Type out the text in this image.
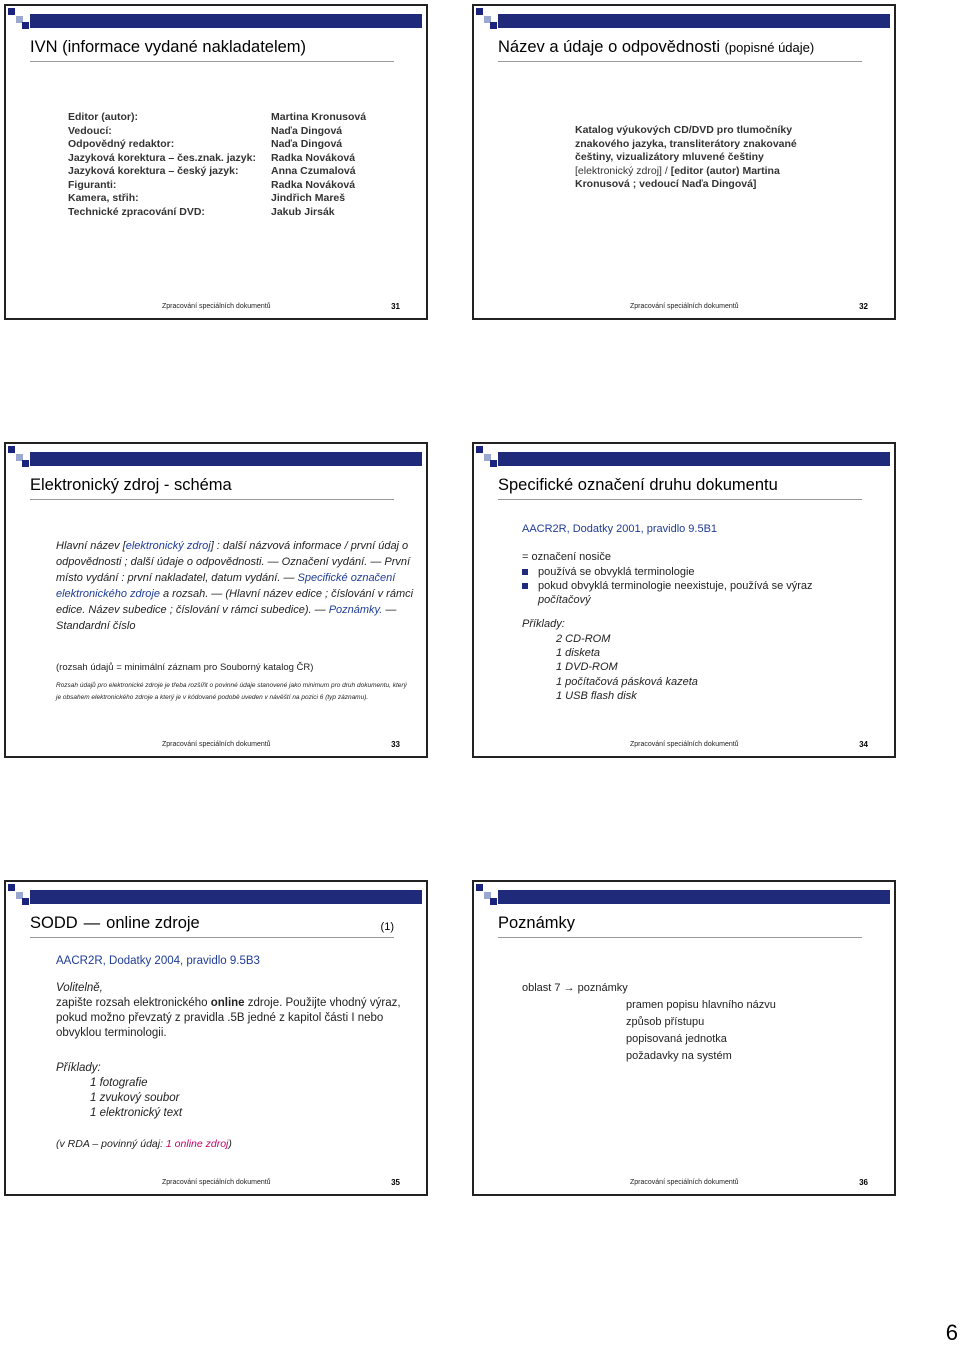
IVN (informace vydané nakladatelem)
Editor (autor):	Martina Kronusová
Vedoucí:	Naďa Dingová
Odpovědný redaktor:	Naďa Dingová
Jazyková korektura – čes.znak. jazyk:	Radka Nováková
Jazyková korektura – český jazyk:	Anna Czumalová
Figuranti:	Radka Nováková
Kamera, střih:	Jindřich Mareš
Technické zpracování DVD:	Jakub Jirsák
Zpracování speciálních dokumentů	31
Název a údaje o odpovědnosti (popisné údaje)
Katalog výukových CD/DVD pro tlumočníky znakového jazyka, transliterátory znakované češtiny, vizualizátory mluvené češtiny [elektronický zdroj] / [editor (autor) Martina Kronusová ; vedoucí Naďa Dingová]
Zpracování speciálních dokumentů	32
Elektronický zdroj - schéma
Hlavní název [elektronický zdroj] : další názvová informace / první údaj o odpovědnosti ; další údaje o odpovědnosti. — Označení vydání. — První místo vydání : první nakladatel, datum vydání. — Specifické označení elektronického zdroje a rozsah. — (Hlavní název edice ; číslování v rámci edice. Název subedice ; číslování v rámci subedice). — Poznámky. — Standardní číslo
(rozsah údajů = minimální záznam pro Souborný katalog ČR)
Rozsah údajů pro elektronické zdroje je třeba rozšířit o povinné údaje stanovené jako minimum pro druh dokumentu, který je obsahem elektronického zdroje a který je v kódované podobě uveden v návěští na pozici 6 (typ záznamu).
Zpracování speciálních dokumentů	33
Specifické označení druhu dokumentu
AACR2R, Dodatky 2001, pravidlo 9.5B1
= označení nosiče
používá se obvyklá terminologie
pokud obvyklá terminologie neexistuje, používá se výraz
počítačový
Příklady:
2 CD-ROM
1 disketa
1 DVD-ROM
1 počítačová pásková kazeta
1 USB flash disk
Zpracování speciálních dokumentů	34
SODD — online zdroje	(1)
AACR2R, Dodatky 2004, pravidlo 9.5B3
Volitelně,
zapište rozsah elektronického online zdroje. Použijte vhodný výraz, pokud možno převzatý z pravidla .5B jedné z kapitol části I nebo obvyklou terminologii.
Příklady:
1 fotografie
1 zvukový soubor
1 elektronický text
(v RDA – povinný údaj: 1 online zdroj)
Zpracování speciálních dokumentů	35
Poznámky
oblast 7 → poznámky
pramen popisu hlavního názvu
způsob přístupu
popisovaná jednotka
požadavky na systém
Zpracování speciálních dokumentů	36
6
